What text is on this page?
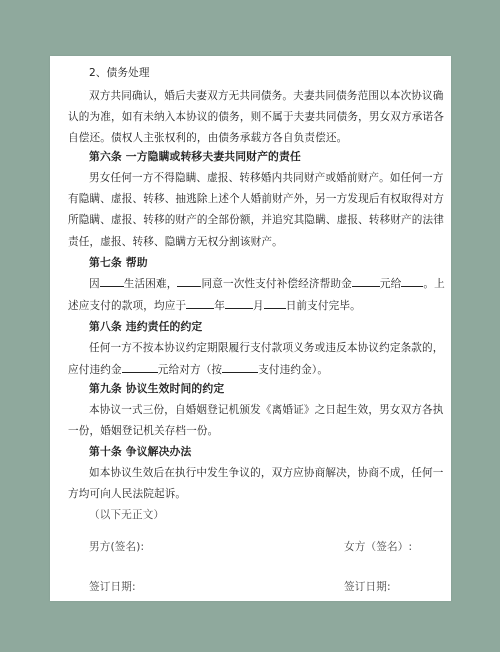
2、债务处理
双方共同确认，婚后夫妻双方无共同债务。夫妻共同债务范围以本次协议确
认的为准，如有未纳入本协议的债务，则不属于夫妻共同债务，男女双方承诺各
自偿还。债权人主张权利的，由债务承载方各自负责偿还。
第六条 一方隐瞒或转移夫妻共同财产的责任
男女任何一方不得隐瞒、虚报、转移婚内共同财产或婚前财产。如任何一方
有隐瞒、虚报、转移、抽逃除上述个人婚前财产外，另一方发现后有权取得对方
所隐瞒、虚报、转移的财产的全部份额，并追究其隐瞒、虚报、转移财产的法律
责任，虚报、转移、隐瞒方无权分割该财产。
第七条 帮助
因 生活困难， 同意一次性支付补偿经济帮助金	元给 。上
述应支付的款项，均应于	年	月 日前支付完毕。
第八条 违约责任的约定
任何一方不按本协议约定期限履行支付款项义务或违反本协议约定条款的，
应付违约金	元给对方（按	支付违约金）。
第九条 协议生效时间的约定
本协议一式三份，自婚姻登记机颁发《离婚证》之日起生效，男女双方各执
一份，婚姻登记机关存档一份。
第十条 争议解决办法
如本协议生效后在执行中发生争议的，双方应协商解决，协商不成，任何一
方均可向人民法院起诉。
（以下无正文）
男方(签名):	女方（签名）:
签订日期:	签订日期:
